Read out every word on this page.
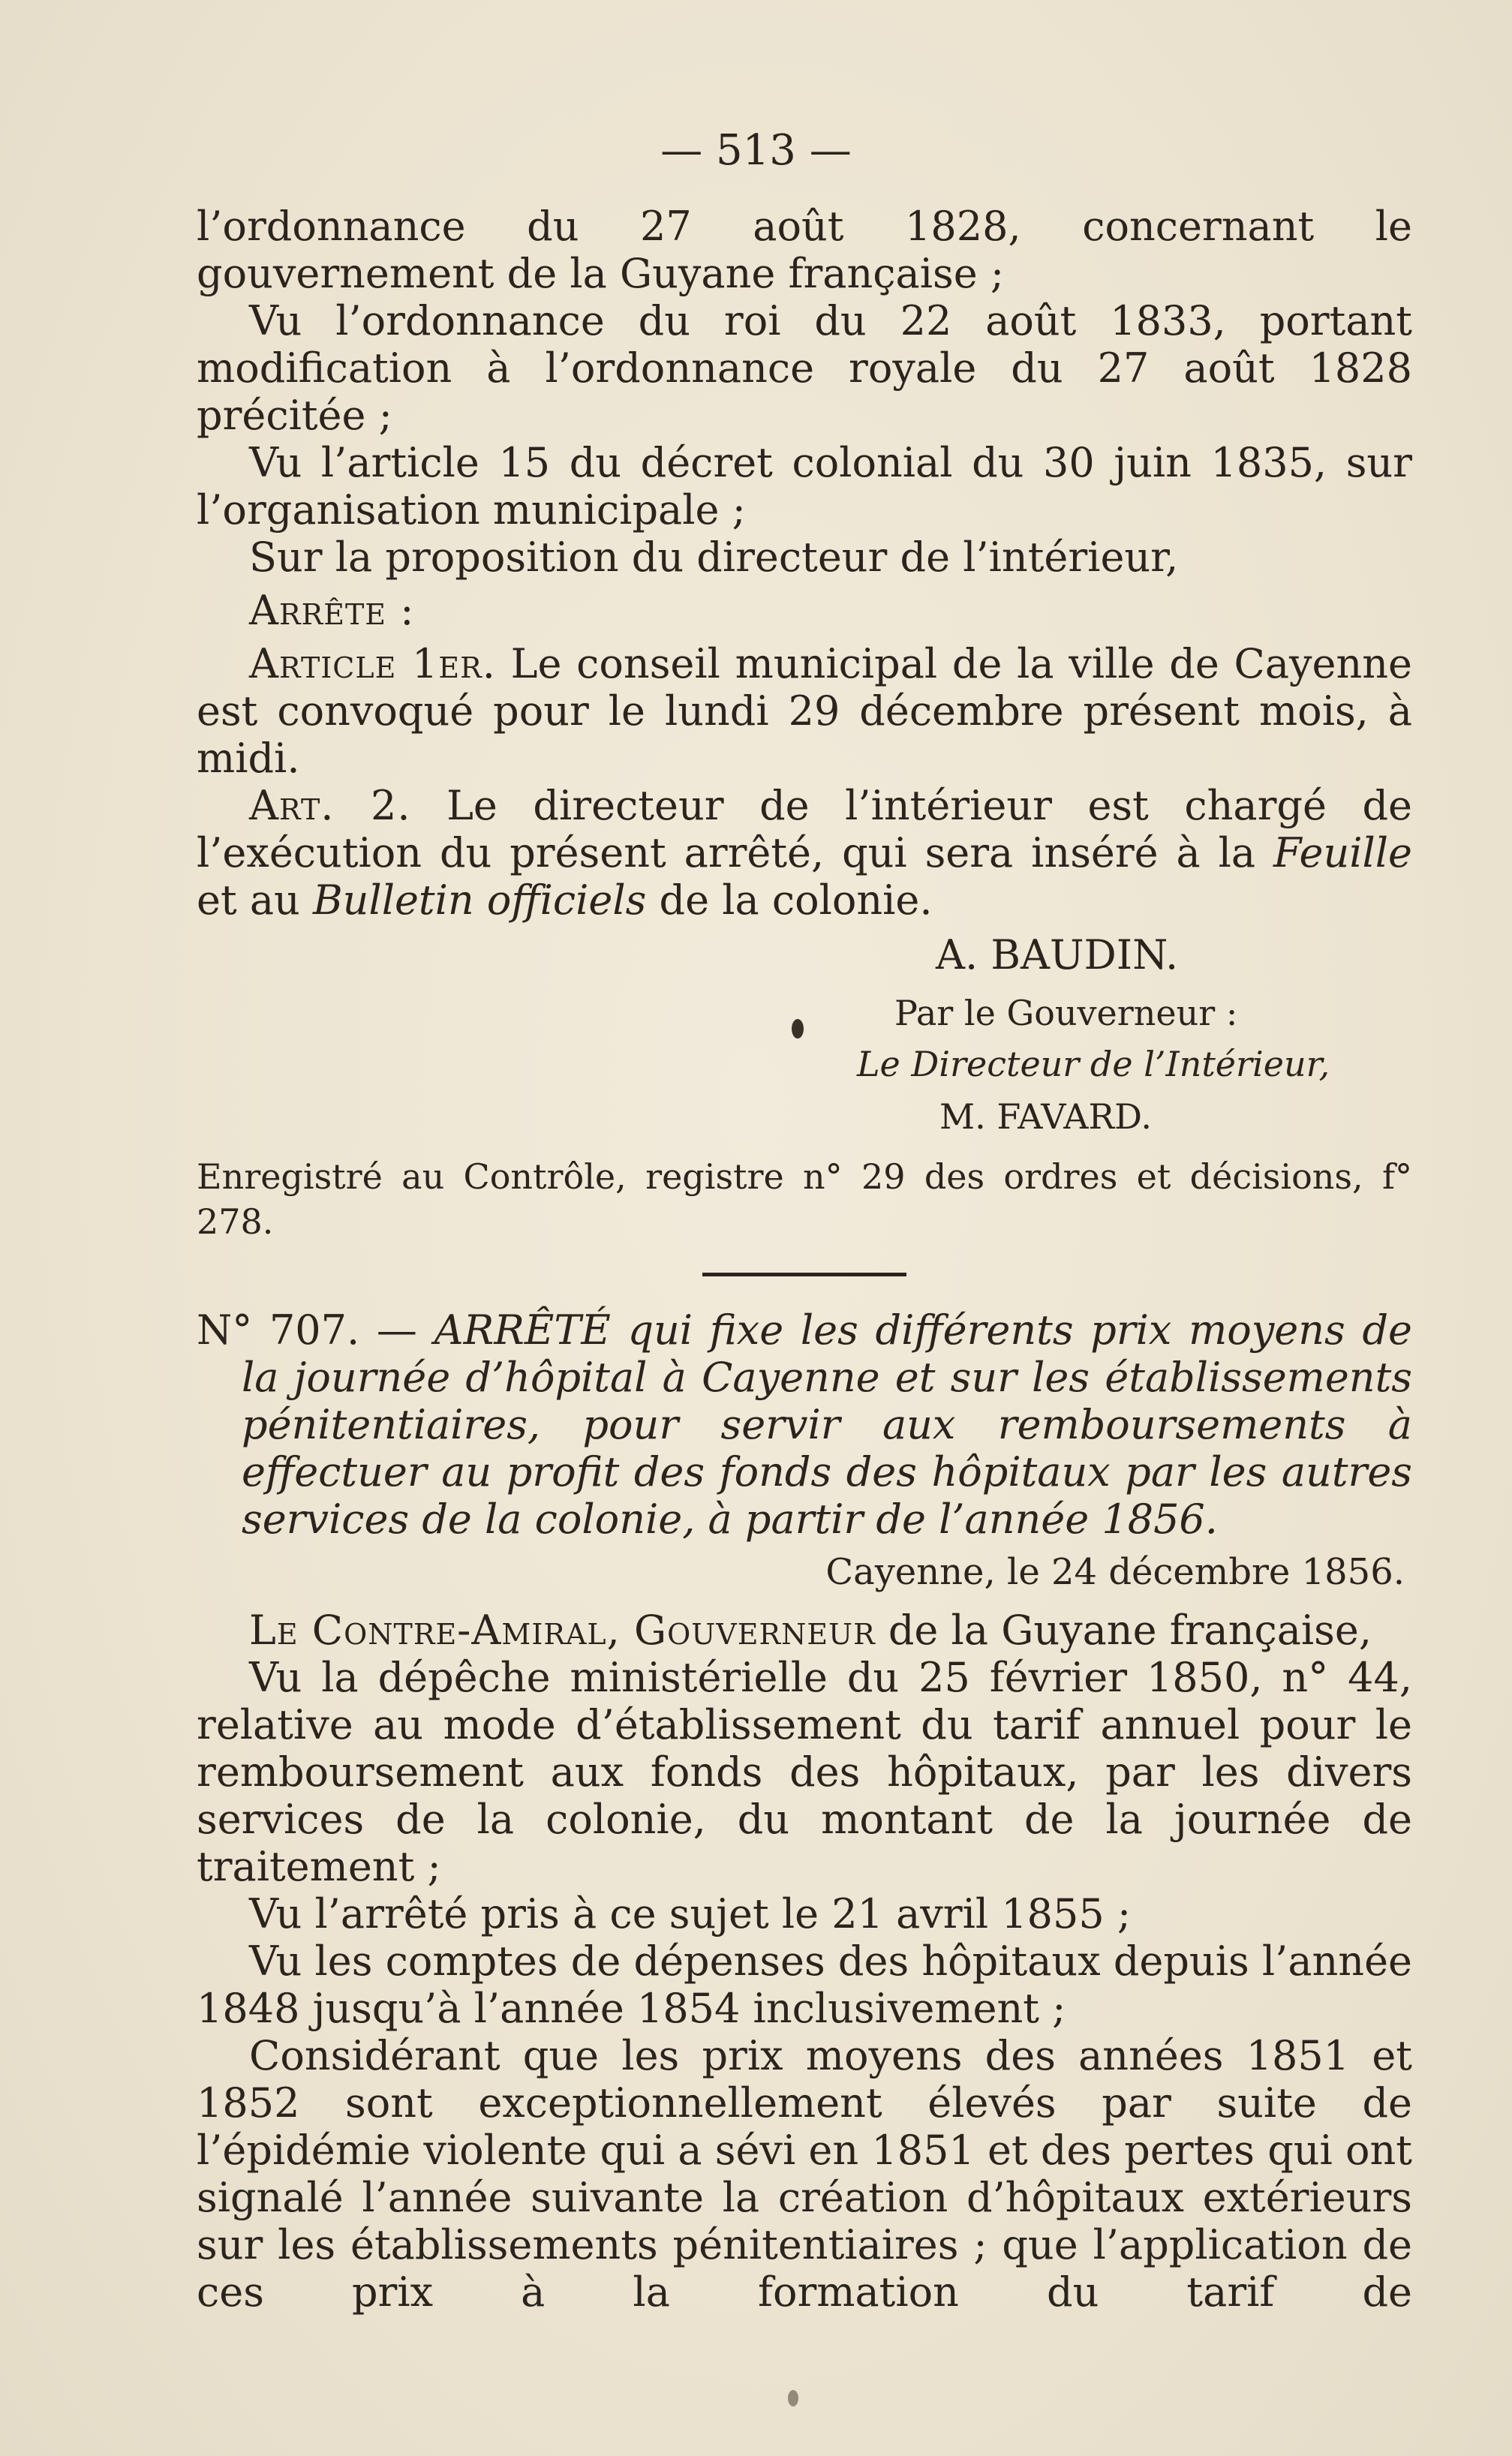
— 513 —

l’ordonnance du 27 août 1828, concernant le gouvernement de la Guyane française ;

Vu l’ordonnance du roi du 22 août 1833, portant modification à l’ordonnance royale du 27 août 1828 précitée ;

Vu l’article 15 du décret colonial du 30 juin 1835, sur l’organisation municipale ;

Sur la proposition du directeur de l’intérieur,

Arrête :

Article 1er. Le conseil municipal de la ville de Cayenne est convoqué pour le lundi 29 décembre présent mois, à midi.

Art. 2. Le directeur de l’intérieur est chargé de l’exécution du présent arrêté, qui sera inséré à la Feuille et au Bulletin officiels de la colonie.

A. BAUDIN.

Par le Gouverneur :

Le Directeur de l’Intérieur,

M. FAVARD.

Enregistré au Contrôle, registre n° 29 des ordres et décisions, f° 278.

N° 707. — ARRÊTÉ qui fixe les différents prix moyens de la journée d’hôpital à Cayenne et sur les établissements pénitentiaires, pour servir aux remboursements à effectuer au profit des fonds des hôpitaux par les autres services de la colonie, à partir de l’année 1856.

Cayenne, le 24 décembre 1856.

Le Contre-Amiral, Gouverneur de la Guyane française,

Vu la dépêche ministérielle du 25 février 1850, n° 44, relative au mode d’établissement du tarif annuel pour le remboursement aux fonds des hôpitaux, par les divers services de la colonie, du montant de la journée de traitement ;

Vu l’arrêté pris à ce sujet le 21 avril 1855 ;

Vu les comptes de dépenses des hôpitaux depuis l’année 1848 jusqu’à l’année 1854 inclusivement ;

Considérant que les prix moyens des années 1851 et 1852 sont exceptionnellement élevés par suite de l’épidémie violente qui a sévi en 1851 et des pertes qui ont signalé l’année suivante la création d’hôpitaux extérieurs sur les établissements pénitentiaires ; que l’application de ces prix à la formation du tarif de
